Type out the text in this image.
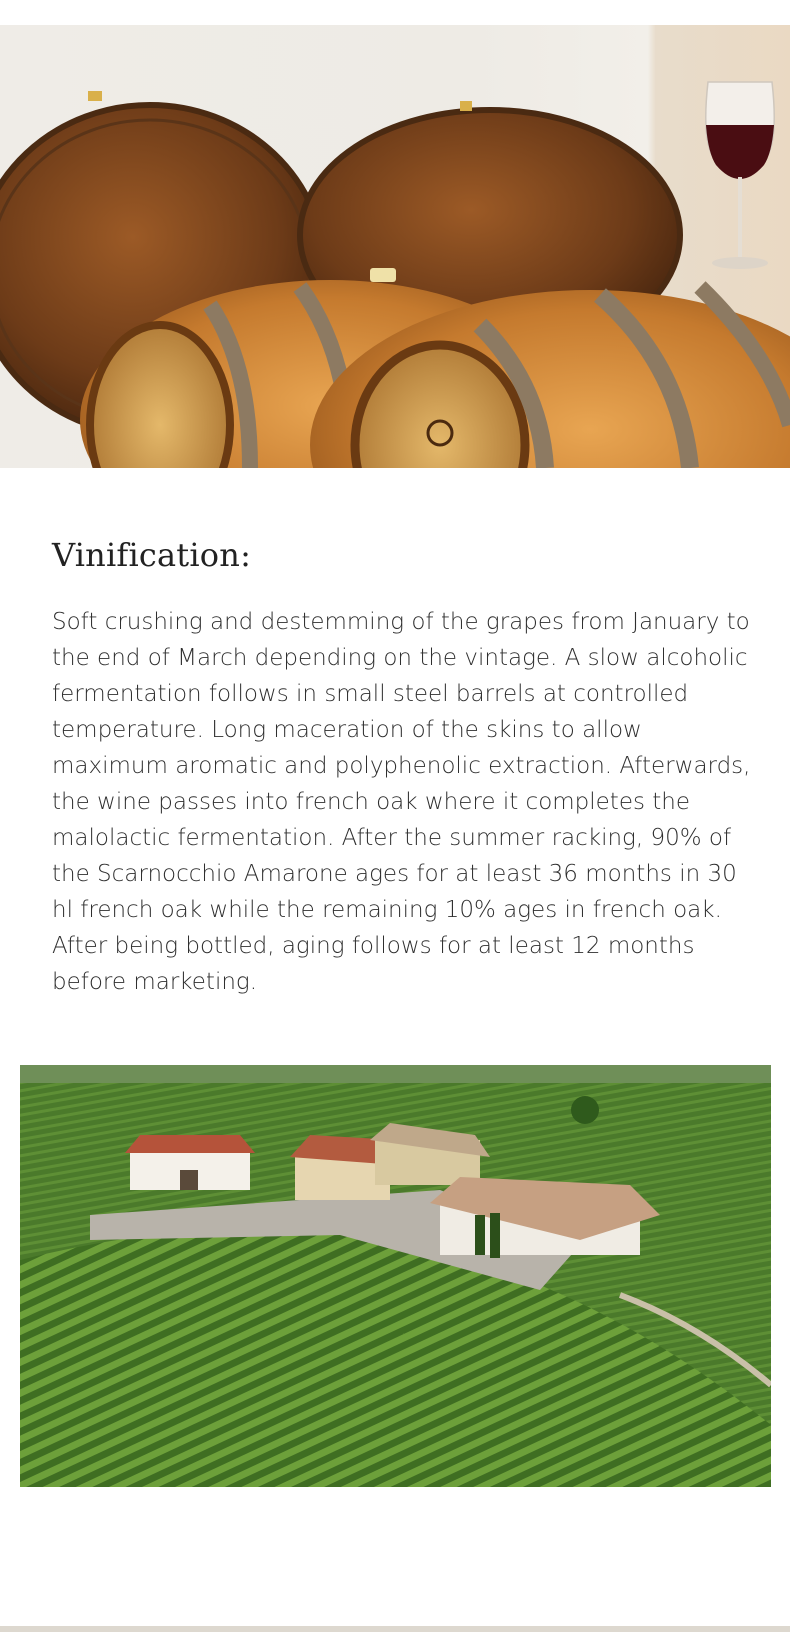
Vinification:

Soft crushing and destemming of the grapes from January to the end of March depending on the vintage. A slow alcoholic fermentation follows in small steel barrels at controlled temperature. Long maceration of the skins to allow maximum aromatic and polyphenolic extraction. Afterwards, the wine passes into french oak where it completes the malolactic fermentation. After the summer racking, 90% of the Scarnocchio Amarone ages for at least 36 months in 30 hl french oak while the remaining 10% ages in french oak. After being bottled, aging follows for at least 12 months before marketing.
